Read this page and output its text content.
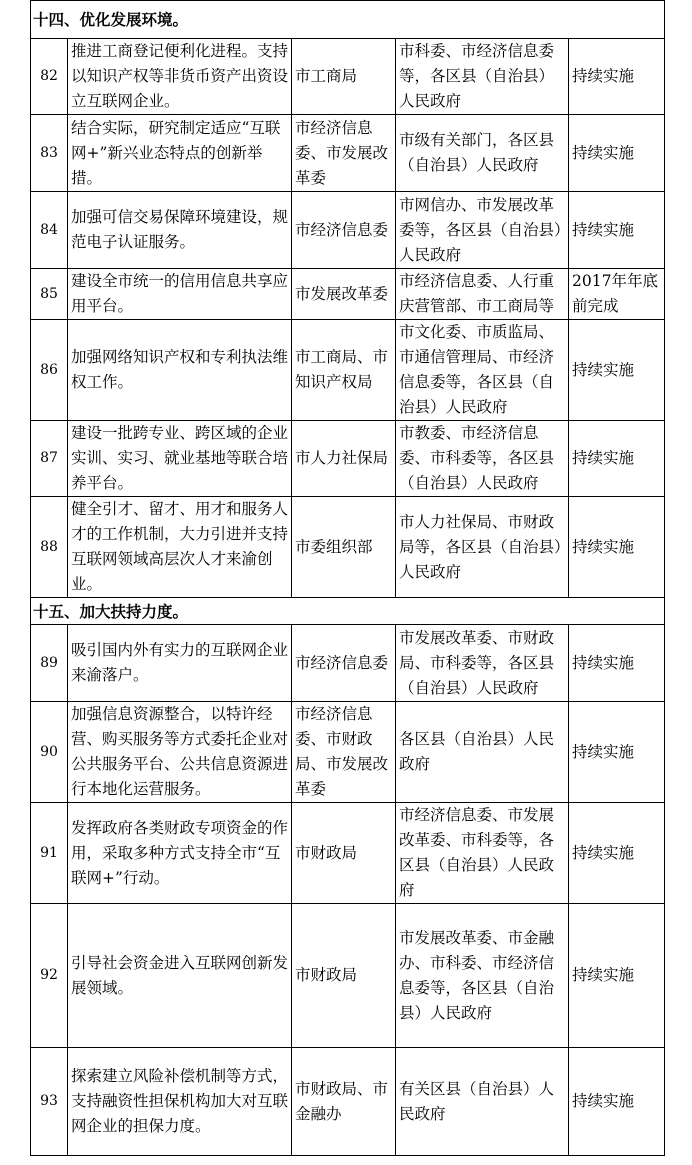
十四、优化发展环境。				
82	推进工商登记便利化进程。支持以知识产权等非货币资产出资设立互联网企业。	市工商局	市科委、市经济信息委等，各区县（自治县）人民政府	持续实施
83	结合实际，研究制定适应“互联网+”新兴业态特点的创新举措。	市经济信息委、市发展改革委	市级有关部门，各区县（自治县）人民政府	持续实施
84	加强可信交易保障环境建设，规范电子认证服务。	市经济信息委	市网信办、市发展改革委等，各区县（自治县）人民政府	持续实施
85	建设全市统一的信用信息共享应用平台。	市发展改革委	市经济信息委、人行重庆营管部、市工商局等	2017年年底前完成
86	加强网络知识产权和专利执法维权工作。	市工商局、市知识产权局	市文化委、市质监局、市通信管理局、市经济信息委等，各区县（自治县）人民政府	持续实施
87	建设一批跨专业、跨区域的企业实训、实习、就业基地等联合培养平台。	市人力社保局	市教委、市经济信息委、市科委等，各区县（自治县）人民政府	持续实施
88	健全引才、留才、用才和服务人才的工作机制，大力引进并支持互联网领域高层次人才来渝创业。	市委组织部	市人力社保局、市财政局等，各区县（自治县）人民政府	持续实施
十五、加大扶持力度。				
89	吸引国内外有实力的互联网企业来渝落户。	市经济信息委	市发展改革委、市财政局、市科委等，各区县（自治县）人民政府	持续实施
90	加强信息资源整合，以特许经营、购买服务等方式委托企业对公共服务平台、公共信息资源进行本地化运营服务。	市经济信息委、市财政局、市发展改革委	各区县（自治县）人民政府	持续实施
91	发挥政府各类财政专项资金的作用，采取多种方式支持全市“互联网+”行动。	市财政局	市经济信息委、市发展改革委、市科委等，各区县（自治县）人民政府	持续实施
92	引导社会资金进入互联网创新发展领域。	市财政局	市发展改革委、市金融办、市科委、市经济信息委等，各区县（自治县）人民政府	持续实施
93	探索建立风险补偿机制等方式，支持融资性担保机构加大对互联网企业的担保力度。	市财政局、市金融办	有关区县（自治县）人民政府	持续实施
